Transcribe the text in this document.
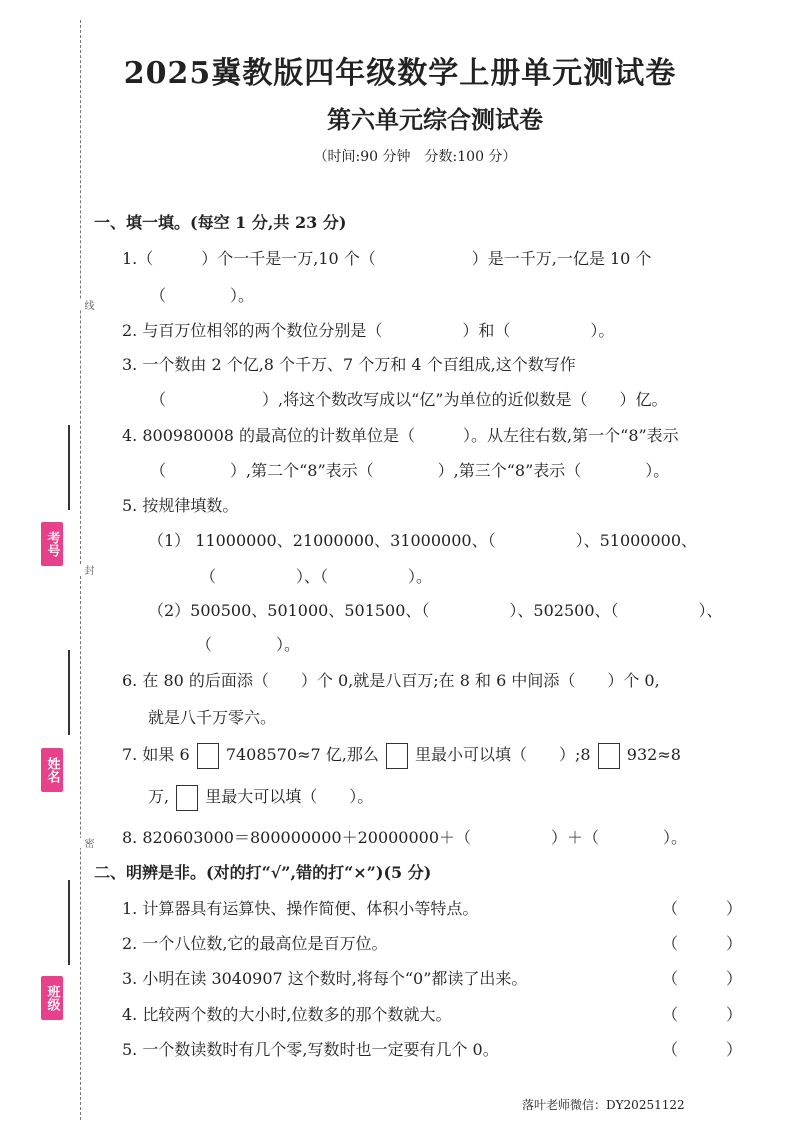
线
封
密
考号
姓名
班级
2025冀教版四年级数学上册单元测试卷
第六单元综合测试卷
（时间:90 分钟　分数:100 分）
一、填一填。(每空 1 分,共 23 分)
1.（　　　）个一千是一万,10 个（　　　　　　）是一千万,一亿是 10 个
（　　　　）。
2. 与百万位相邻的两个数位分别是（　　　　　）和（　　　　　）。
3. 一个数由 2 个亿,8 个千万、7 个万和 4 个百组成,这个数写作
（　　　　　　）,将这个数改写成以“亿”为单位的近似数是（　　）亿。
4. 800980008 的最高位的计数单位是（　　　）。从左往右数,第一个“8”表示
（　　　　）,第二个“8”表示（　　　　）,第三个“8”表示（　　　　）。
5. 按规律填数。
（1） 11000000、21000000、31000000、（　　　　　）、51000000、
（　　　　　）、（　　　　　）。
（2）500500、501000、501500、（　　　　　）、502500、（　　　　　）、
（　　　　）。
6. 在 80 的后面添（　　）个 0,就是八百万;在 8 和 6 中间添（　　）个 0,
就是八千万零六。
7. 如果 6 7408570≈7 亿,那么 里最小可以填（　　）;8 932≈8
万, 里最大可以填（　　）。
8. 820603000＝800000000＋20000000＋（　　　　　）＋（　　　　）。
二、明辨是非。(对的打“√”,错的打“×”)(5 分)
1. 计算器具有运算快、操作简便、体积小等特点。	（　　　）
2. 一个八位数,它的最高位是百万位。	（　　　）
3. 小明在读 3040907 这个数时,将每个“0”都读了出来。	（　　　）
4. 比较两个数的大小时,位数多的那个数就大。	（　　　）
5. 一个数读数时有几个零,写数时也一定要有几个 0。	（　　　）
落叶老师微信：DY20251122
